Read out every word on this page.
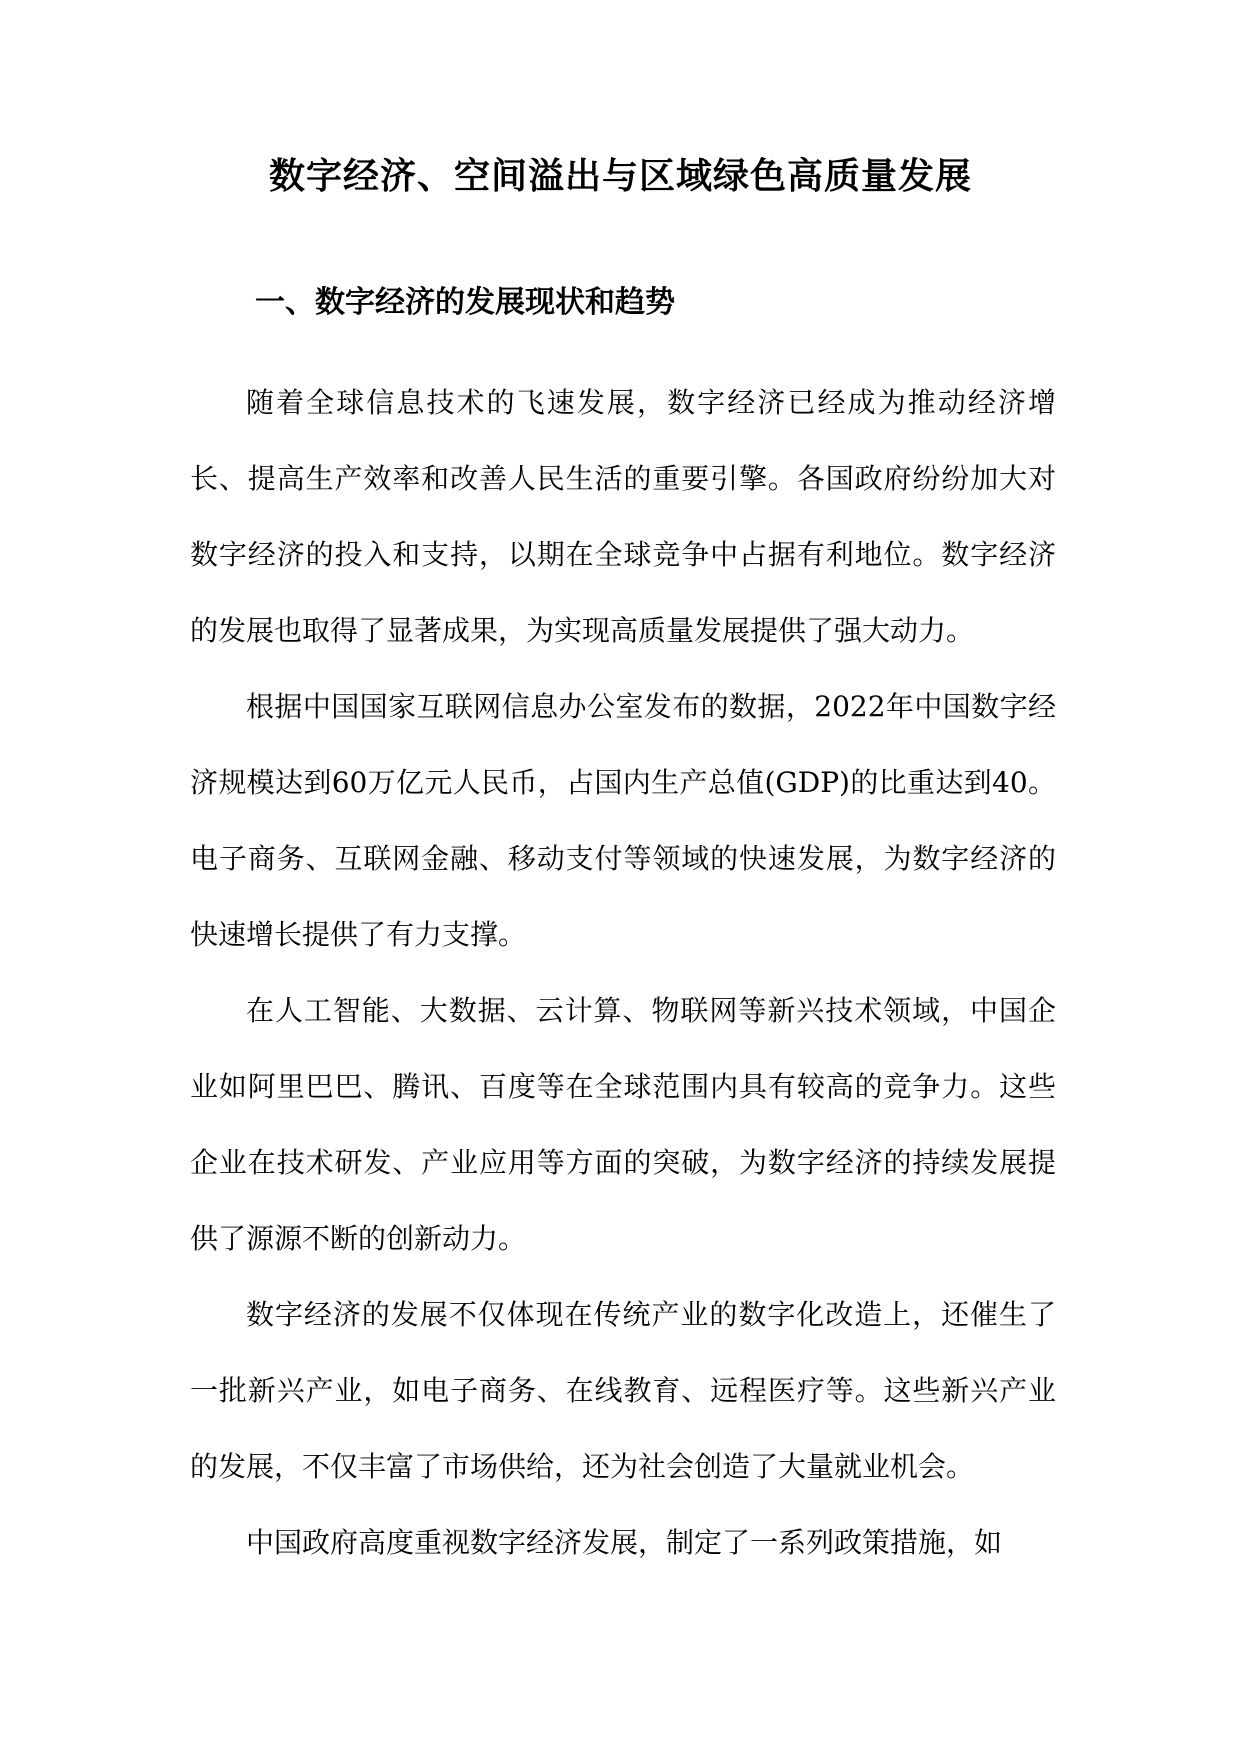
数字经济、空间溢出与区域绿色高质量发展
一、数字经济的发展现状和趋势

随着全球信息技术的飞速发展，数字经济已经成为推动经济增长、提高生产效率和改善人民生活的重要引擎。各国政府纷纷加大对数字经济的投入和支持，以期在全球竞争中占据有利地位。数字经济的发展也取得了显著成果，为实现高质量发展提供了强大动力。

根据中国国家互联网信息办公室发布的数据，2022年中国数字经济规模达到60万亿元人民币，占国内生产总值(GDP)的比重达到40。电子商务、互联网金融、移动支付等领域的快速发展，为数字经济的快速增长提供了有力支撑。

在人工智能、大数据、云计算、物联网等新兴技术领域，中国企业如阿里巴巴、腾讯、百度等在全球范围内具有较高的竞争力。这些企业在技术研发、产业应用等方面的突破，为数字经济的持续发展提供了源源不断的创新动力。

数字经济的发展不仅体现在传统产业的数字化改造上，还催生了一批新兴产业，如电子商务、在线教育、远程医疗等。这些新兴产业的发展，不仅丰富了市场供给，还为社会创造了大量就业机会。

中国政府高度重视数字经济发展，制定了一系列政策措施，如
